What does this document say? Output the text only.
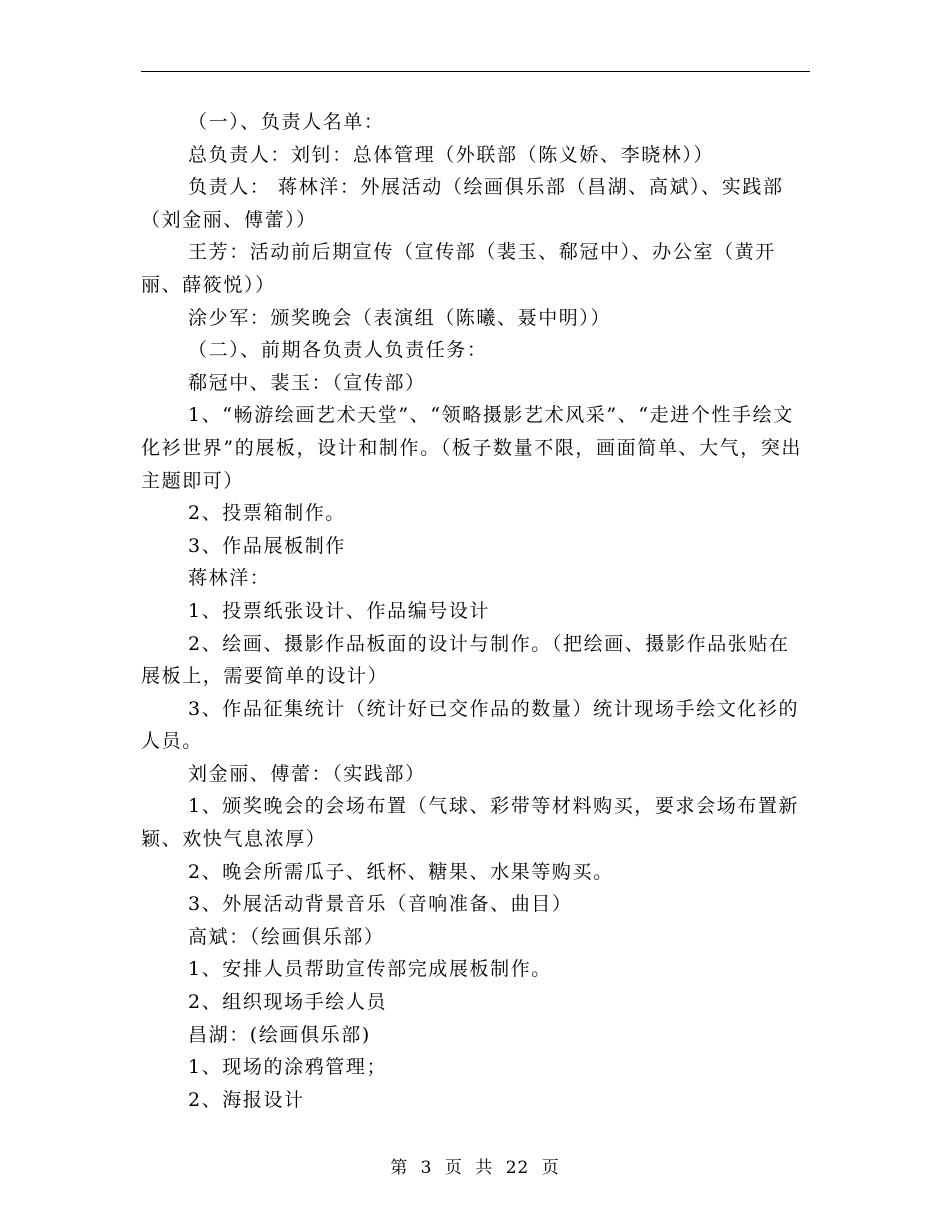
（一）、负责人名单：

总负责人：刘钊：总体管理（外联部（陈义娇、李晓林））

负责人： 蒋林洋：外展活动（绘画俱乐部（昌湖、高斌）、实践部（刘金丽、傅蕾））

王芳：活动前后期宣传（宣传部（裴玉、郗冠中）、办公室（黄开丽、薛筱悦））

涂少军：颁奖晚会（表演组（陈曦、聂中明））

（二）、前期各负责人负责任务：

郗冠中、裴玉：（宣传部）

1、“畅游绘画艺术天堂”、“领略摄影艺术风采”、“走进个性手绘文化衫世界”的展板，设计和制作。（板子数量不限，画面简单、大气，突出主题即可）

2、投票箱制作。

3、作品展板制作

蒋林洋：

1、投票纸张设计、作品编号设计

2、绘画、摄影作品板面的设计与制作。（把绘画、摄影作品张贴在展板上，需要简单的设计）

3、作品征集统计（统计好已交作品的数量）统计现场手绘文化衫的人员。

刘金丽、傅蕾：（实践部）

1、颁奖晚会的会场布置（气球、彩带等材料购买，要求会场布置新颖、欢快气息浓厚）

2、晚会所需瓜子、纸杯、糖果、水果等购买。

3、外展活动背景音乐（音响准备、曲目）

高斌：（绘画俱乐部）

1、安排人员帮助宣传部完成展板制作。

2、组织现场手绘人员

昌湖：(绘画俱乐部)

1、现场的涂鸦管理；

2、海报设计

第 3 页 共 22 页
